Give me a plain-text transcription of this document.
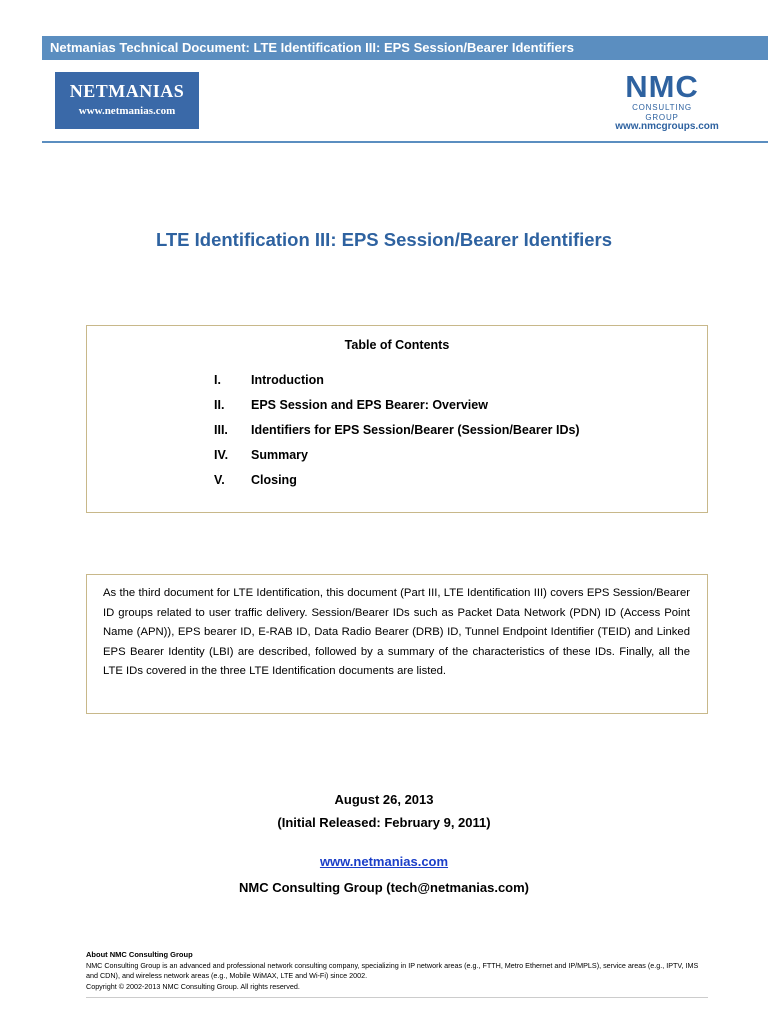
Netmanias Technical Document: LTE Identification III: EPS Session/Bearer Identifiers
NETMANIAS
www.netmanias.com
NMC
CONSULTING GROUP
www.nmcgroups.com
LTE Identification III: EPS Session/Bearer Identifiers
Table of Contents
I. Introduction
II. EPS Session and EPS Bearer: Overview
III. Identifiers for EPS Session/Bearer (Session/Bearer IDs)
IV. Summary
V. Closing

As the third document for LTE Identification, this document (Part III, LTE Identification III) covers EPS Session/Bearer ID groups related to user traffic delivery. Session/Bearer IDs such as Packet Data Network (PDN) ID (Access Point Name (APN)), EPS bearer ID, E-RAB ID, Data Radio Bearer (DRB) ID, Tunnel Endpoint Identifier (TEID) and Linked EPS Bearer Identity (LBI) are described, followed by a summary of the characteristics of these IDs. Finally, all the LTE IDs covered in the three LTE Identification documents are listed.

August 26, 2013
(Initial Released: February 9, 2011)
www.netmanias.com
NMC Consulting Group (tech@netmanias.com)
About NMC Consulting Group
NMC Consulting Group is an advanced and professional network consulting company, specializing in IP network areas (e.g., FTTH, Metro Ethernet and IP/MPLS), service areas (e.g., IPTV, IMS and CDN), and wireless network areas (e.g., Mobile WiMAX, LTE and Wi-Fi) since 2002.
Copyright © 2002-2013 NMC Consulting Group. All rights reserved.
